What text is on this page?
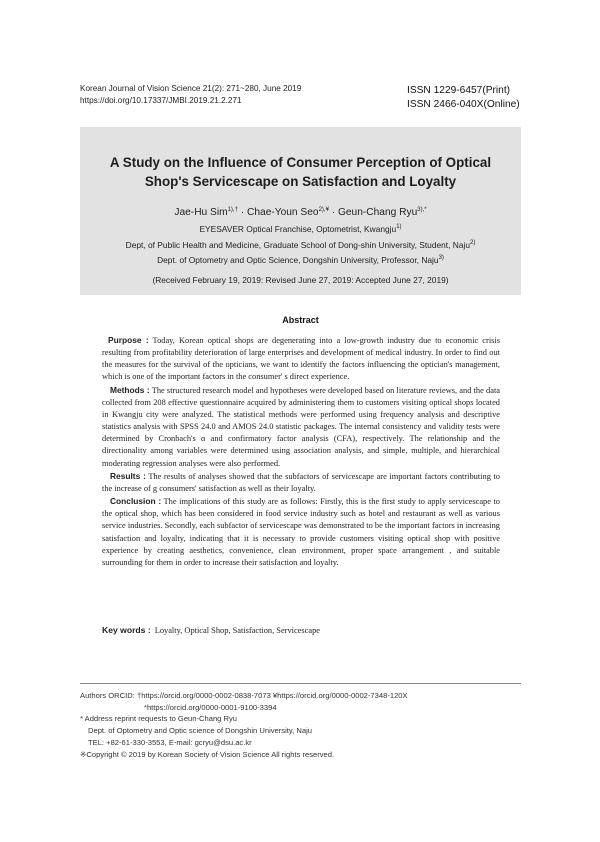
Korean Journal of Vision Science 21(2): 271~280, June 2019
https://doi.org/10.17337/JMBI.2019.21.2.271
ISSN 1229-6457(Print)
ISSN 2466-040X(Online)
A Study on the Influence of Consumer Perception of Optical
Shop's Servicescape on Satisfaction and Loyalty
Jae-Hu Sim$^{1),\dagger}$ · Chae-Youn Seo$^{2),¥}$ · Geun-Chang Ryu$^{3),*}$
EYESAVER Optical Franchise, Optometrist, Kwangju$^{1)}$
Dept, of Public Health and Medicine, Graduate School of Dong-shin University, Student, Naju$^{2)}$
Dept. of Optometry and Optic Science, Dongshin University, Professor, Naju$^{3)}$
(Received February 19, 2019: Revised June 27, 2019: Accepted June 27, 2019)
Abstract

Purpose : Today, Korean optical shops are degenerating into a low-growth industry due to economic crisis resulting from profitability deterioration of large enterprises and development of medical industry. In order to find out the measures for the survival of the opticians, we want to identify the factors influencing the optician's management, which is one of the important factors in the consumer' s direct experience.

Methods : The structured research model and hypotheses were developed based on literature reviews, and the data collected from 208 effective questionnaire acquired by administering them to customers visiting optical shops located in Kwangju city were analyzed. The statistical methods were performed using frequency analysis and descriptive statistics analysis with SPSS 24.0 and AMOS 24.0 statistic packages. The internal consistency and validity tests were determined by Cronbach's α and confirmatory factor analysis (CFA), respectively. The relationship and the directionality among variables were determined using association analysis, and simple, multiple, and hierarchical moderating regression analyses were also performed.

Results : The results of analyses showed that the subfactors of servicescape are important factors contributing to the increase of g consumers' satisfaction as well as their loyalty.

Conclusion : The implications of this study are as follows: Firstly, this is the first study to apply servicescape to the optical shop, which has been considered in food service industry such as hotel and restaurant as well as various service industries. Secondly, each subfactor of servicescape was demonstrated to be the important factors in increasing satisfaction and loyalty, indicating that it is necessary to provide customers visiting optical shop with positive experience by creating aesthetics, convenience, clean environment, proper space arrangement , and suitable surrounding for them in order to increase their satisfaction and loyalty.

Key words : Loyalty, Optical Shop, Satisfaction, Servicescape
Authors ORCID: †https://orcid.org/0000-0002-0838-7073 ¥https://orcid.org/0000-0002-7348-120X
*https://orcid.org/0000-0001-9100-3394
* Address reprint requests to Geun-Chang Ryu
Dept. of Optometry and Optic science of Dongshin University, Naju
TEL: +82-61-330-3553, E-mail: gcryu@dsu.ac.kr
※Copyright © 2019 by Korean Society of Vision Science All rights reserved.
